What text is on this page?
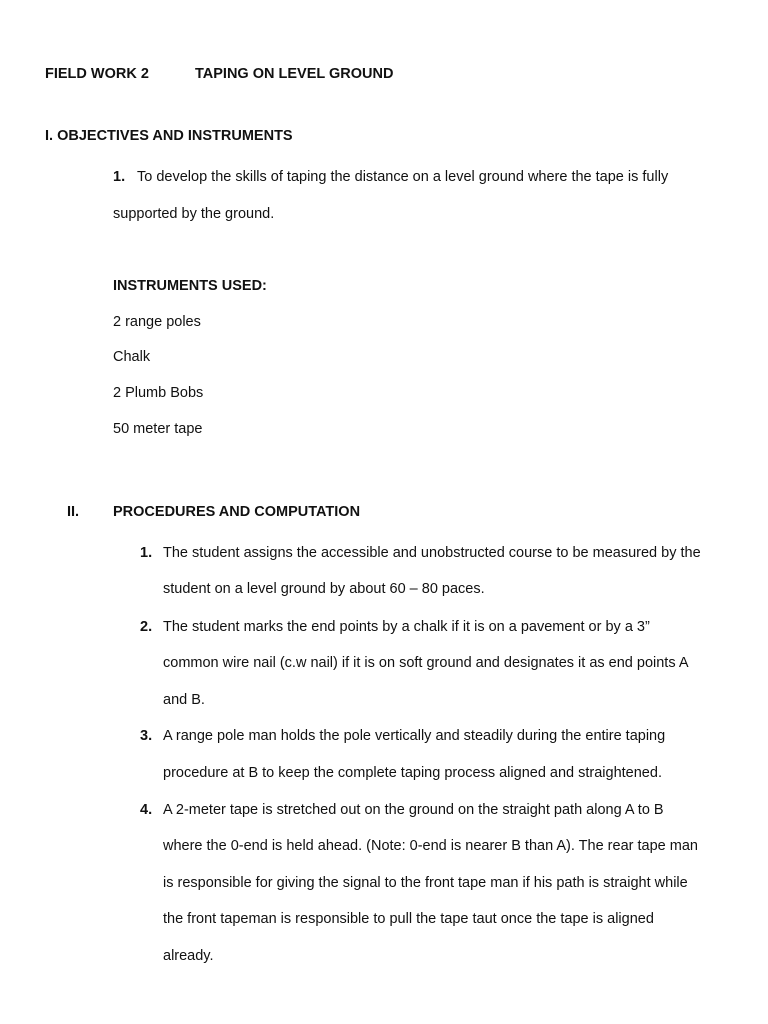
FIELD WORK 2	TAPING ON LEVEL GROUND
I. OBJECTIVES AND INSTRUMENTS
1. To develop the skills of taping the distance on a level ground where the tape is fully
supported by the ground.
INSTRUMENTS USED:
2 range poles
Chalk
2 Plumb Bobs
50 meter tape
II. PROCEDURES AND COMPUTATION
1. The student assigns the accessible and unobstructed course to be measured by the
student on a level ground by about 60 – 80 paces.
2. The student marks the end points by a chalk if it is on a pavement or by a 3”
common wire nail (c.w nail) if it is on soft ground and designates it as end points A
and B.
3. A range pole man holds the pole vertically and steadily during the entire taping
procedure at B to keep the complete taping process aligned and straightened.
4. A 2-meter tape is stretched out on the ground on the straight path along A to B
where the 0-end is held ahead. (Note: 0-end is nearer B than A). The rear tape man
is responsible for giving the signal to the front tape man if his path is straight while
the front tapeman is responsible to pull the tape taut once the tape is aligned
already.
